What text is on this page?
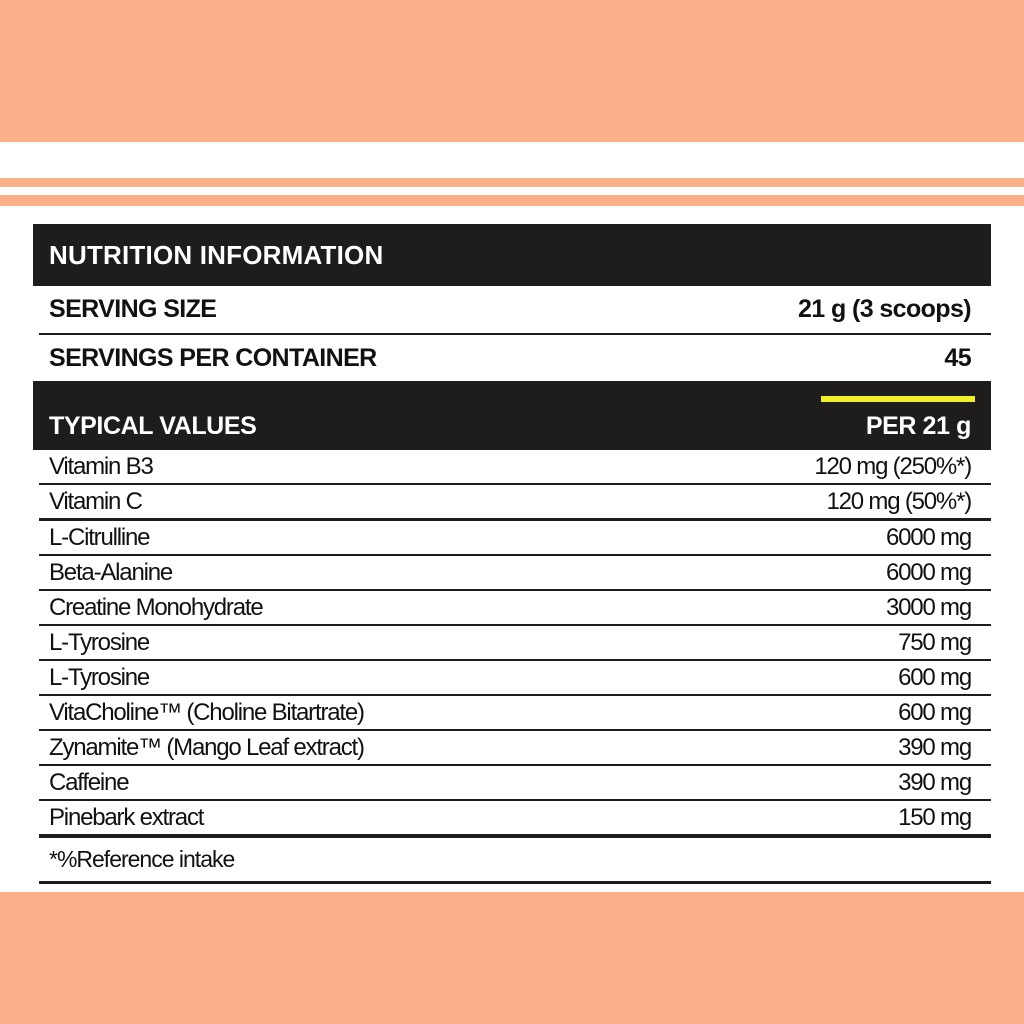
NUTRITION INFORMATION
SERVING SIZE	21 g (3 scoops)
SERVINGS PER CONTAINER	45
TYPICAL VALUES	PER 21 g
Vitamin B3	120 mg (250%*)
Vitamin C	120 mg (50%*)
L-Citrulline	6000 mg
Beta-Alanine	6000 mg
Creatine Monohydrate	3000 mg
L-Tyrosine	750 mg
L-Tyrosine	600 mg
VitaCholine™ (Choline Bitartrate)	600 mg
Zynamite™ (Mango Leaf extract)	390 mg
Caffeine	390 mg
Pinebark extract	150 mg
*%Reference intake
